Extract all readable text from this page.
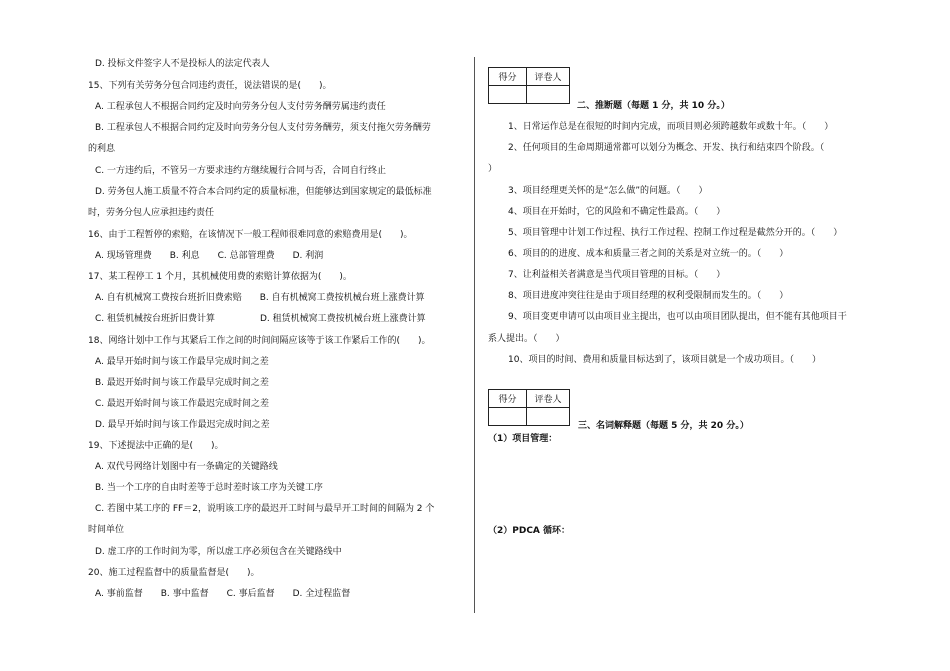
D. 投标文件签字人不是投标人的法定代表人
15、下列有关劳务分包合同违约责任，说法错误的是(　　)。
A. 工程承包人不根据合同约定及时向劳务分包人支付劳务酬劳属违约责任
B. 工程承包人不根据合同约定及时向劳务分包人支付劳务酬劳，须支付拖欠劳务酬劳
的利息
C. 一方违约后，不管另一方要求违约方继续履行合同与否，合同自行终止
D. 劳务包人施工质量不符合本合同约定的质量标准，但能够达到国家规定的最低标准
时，劳务分包人应承担违约责任
16、由于工程暂停的索赔，在该情况下一般工程师很难同意的索赔费用是(　　)。
A. 现场管理费　　B. 利息　　C. 总部管理费　　D. 利润
17、某工程停工 1 个月，其机械使用费的索赔计算依据为(　　)。
A. 自有机械窝工费按台班折旧费索赔　　B. 自有机械窝工费按机械台班上涨费计算
C. 租赁机械按台班折旧费计算　　　　　D. 租赁机械窝工费按机械台班上涨费计算
18、网络计划中工作与其紧后工作之间的时间间隔应该等于该工作紧后工作的(　　)。
A. 最早开始时间与该工作最早完成时间之差
B. 最迟开始时间与该工作最早完成时间之差
C. 最迟开始时间与该工作最迟完成时间之差
D. 最早开始时间与该工作最迟完成时间之差
19、下述提法中正确的是(　　)。
A. 双代号网络计划图中有一条确定的关键路线
B. 当一个工序的自由时差等于总时差时该工序为关键工序
C. 若图中某工序的 FF＝2，说明该工序的最迟开工时间与最早开工时间的间隔为 2 个
时间单位
D. 虚工序的工作时间为零，所以虚工序必须包含在关键路线中
20、施工过程监督中的质量监督是(　　)。
A. 事前监督　　B. 事中监督　　C. 事后监督　　D. 全过程监督
得分	评卷人

二、推断题（每题 1 分，共 10 分。）
1、日常运作总是在很短的时间内完成，而项目则必须跨越数年或数十年。（　　）
2、任何项目的生命周期通常都可以划分为概念、开发、执行和结束四个阶段。（
）
3、项目经理更关怀的是“怎么做”的问题。（　　）
4、项目在开始时，它的风险和不确定性最高。（　　）
5、项目管理中计划工作过程、执行工作过程、控制工作过程是截然分开的。（　　）
6、项目的的进度、成本和质量三者之间的关系是对立统一的。（　　）
7、让利益相关者满意是当代项目管理的目标。（　　）
8、项目进度冲突往往是由于项目经理的权利受限制而发生的。（　　）
9、项目变更申请可以由项目业主提出，也可以由项目团队提出，但不能有其他项目干
系人提出。（　　）
10、项目的时间、费用和质量目标达到了，该项目就是一个成功项目。（　　）
得分	评卷人

三、名词解释题（每题 5 分，共 20 分。）
（1）项目管理：
（2）PDCA 循环：
